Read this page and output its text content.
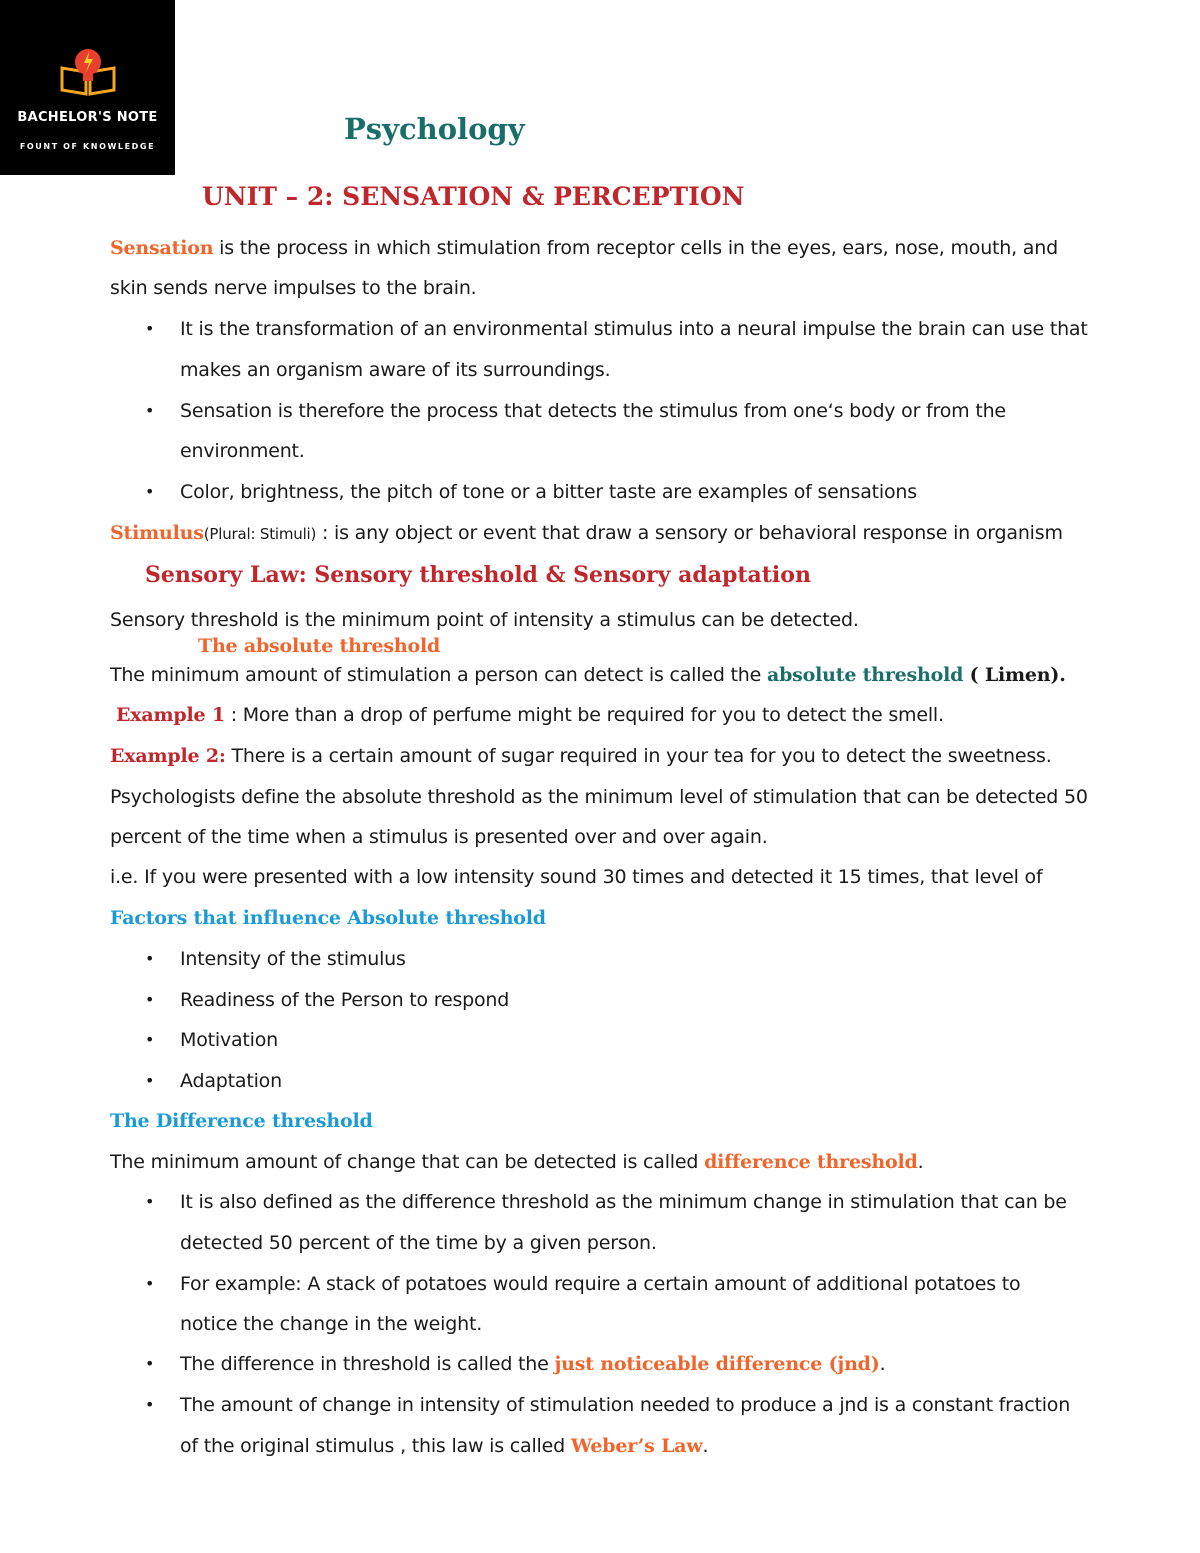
BACHELOR'S NOTE
FOUNT OF KNOWLEDGE
Psychology
UNIT – 2: SENSATION & PERCEPTION
Sensation is the process in which stimulation from receptor cells in the eyes, ears, nose, mouth, and
skin sends nerve impulses to the brain.
• It is the transformation of an environmental stimulus into a neural impulse the brain can use that
makes an organism aware of its surroundings.
• Sensation is therefore the process that detects the stimulus from one‘s body or from the
environment.
• Color, brightness, the pitch of tone or a bitter taste are examples of sensations
Stimulus(Plural: Stimuli) : is any object or event that draw a sensory or behavioral response in organism
Sensory Law: Sensory threshold & Sensory adaptation
Sensory threshold is the minimum point of intensity a stimulus can be detected.
The absolute threshold
The minimum amount of stimulation a person can detect is called the absolute threshold ( Limen).
Example 1 : More than a drop of perfume might be required for you to detect the smell.
Example 2: There is a certain amount of sugar required in your tea for you to detect the sweetness.
Psychologists define the absolute threshold as the minimum level of stimulation that can be detected 50
percent of the time when a stimulus is presented over and over again.
i.e. If you were presented with a low intensity sound 30 times and detected it 15 times, that level of
Factors that influence Absolute threshold
• Intensity of the stimulus
• Readiness of the Person to respond
• Motivation
• Adaptation
The Difference threshold
The minimum amount of change that can be detected is called difference threshold.
• It is also defined as the difference threshold as the minimum change in stimulation that can be
detected 50 percent of the time by a given person.
• For example: A stack of potatoes would require a certain amount of additional potatoes to
notice the change in the weight.
• The difference in threshold is called the just noticeable difference (jnd).
• The amount of change in intensity of stimulation needed to produce a jnd is a constant fraction
of the original stimulus , this law is called Weber’s Law.
